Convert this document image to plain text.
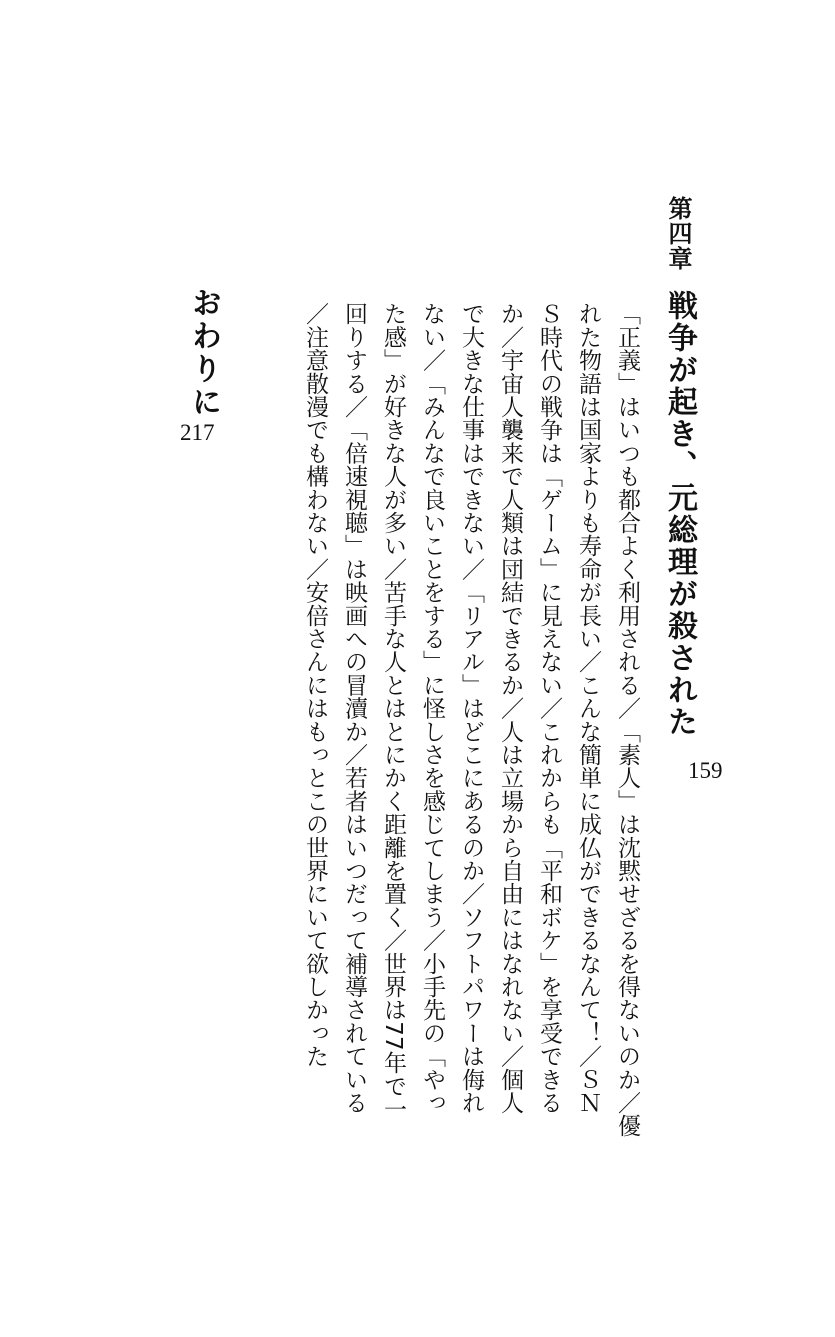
第四章
戦争が起き、元総理が殺された
159
「正義」はいつも都合よく利用される／「素人」は沈黙せざるを得ないのか／優
れた物語は国家よりも寿命が長い／こんな簡単に成仏ができるなんて！／ＳＮ
Ｓ時代の戦争は「ゲーム」に見えない／これからも「平和ボケ」を享受できる
か／宇宙人襲来で人類は団結できるか／人は立場から自由にはなれない／個人
で大きな仕事はできない／「リアル」はどこにあるのか／ソフトパワーは侮れ
ない／「みんなで良いことをする」に怪しさを感じてしまう／小手先の「やっ
た感」が好きな人が多い／苦手な人とはとにかく距離を置く／世界は77年で一
回りする／「倍速視聴」は映画への冒瀆か／若者はいつだって補導されている
／注意散漫でも構わない／安倍さんにはもっとこの世界にいて欲しかった
おわりに
217
